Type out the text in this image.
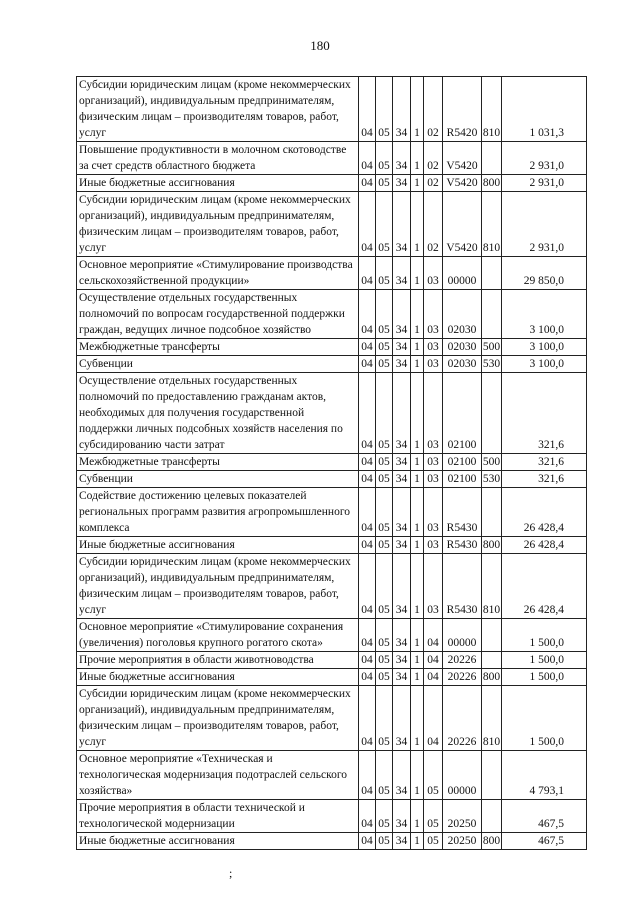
180
Субсидии юридическим лицам (кроме некоммерческих организаций), индивидуальным предпринимателям, физическим лицам – производителям товаров, работ, услуг	04	05	34	1	02	R5420	810	1 031,3
Повышение продуктивности в молочном скотоводстве за счет средств областного бюджета	04	05	34	1	02	V5420		2 931,0
Иные бюджетные ассигнования	04	05	34	1	02	V5420	800	2 931,0
Субсидии юридическим лицам (кроме некоммерческих организаций), индивидуальным предпринимателям, физическим лицам – производителям товаров, работ, услуг	04	05	34	1	02	V5420	810	2 931,0
Основное мероприятие «Стимулирование производства сельскохозяйственной продукции»	04	05	34	1	03	00000		29 850,0
Осуществление отдельных государственных полномочий по вопросам государственной поддержки граждан, ведущих личное подсобное хозяйство	04	05	34	1	03	02030		3 100,0
Межбюджетные трансферты	04	05	34	1	03	02030	500	3 100,0
Субвенции	04	05	34	1	03	02030	530	3 100,0
Осуществление отдельных государственных полномочий по предоставлению гражданам актов, необходимых для получения государственной поддержки личных подсобных хозяйств населения по субсидированию части затрат	04	05	34	1	03	02100		321,6
Межбюджетные трансферты	04	05	34	1	03	02100	500	321,6
Субвенции	04	05	34	1	03	02100	530	321,6
Содействие достижению целевых показателей региональных программ развития агропромышленного комплекса	04	05	34	1	03	R5430		26 428,4
Иные бюджетные ассигнования	04	05	34	1	03	R5430	800	26 428,4
Субсидии юридическим лицам (кроме некоммерческих организаций), индивидуальным предпринимателям, физическим лицам – производителям товаров, работ, услуг	04	05	34	1	03	R5430	810	26 428,4
Основное мероприятие «Стимулирование сохранения (увеличения) поголовья крупного рогатого скота»	04	05	34	1	04	00000		1 500,0
Прочие мероприятия в области животноводства	04	05	34	1	04	20226		1 500,0
Иные бюджетные ассигнования	04	05	34	1	04	20226	800	1 500,0
Субсидии юридическим лицам (кроме некоммерческих организаций), индивидуальным предпринимателям, физическим лицам – производителям товаров, работ, услуг	04	05	34	1	04	20226	810	1 500,0
Основное мероприятие «Техническая и технологическая модернизация подотраслей сельского хозяйства»	04	05	34	1	05	00000		4 793,1
Прочие мероприятия в области технической и технологической модернизации	04	05	34	1	05	20250		467,5
Иные бюджетные ассигнования	04	05	34	1	05	20250	800	467,5
;
